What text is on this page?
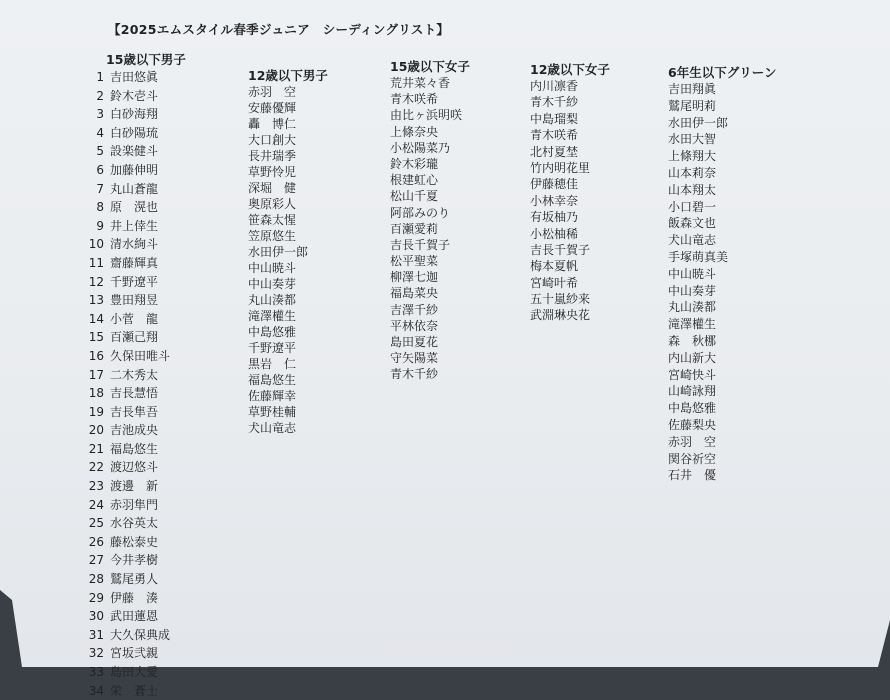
【2025エムスタイル春季ジュニア　シーディングリスト】
15歳以下男子
1 吉田悠眞
2 鈴木壱斗
3 白砂海翔
4 白砂陽琉
5 設楽健斗
6 加藤伸明
7 丸山蒼龍
8 原　滉也
9 井上倖生
10 清水絢斗
11 齋藤輝真
12 千野遼平
13 豊田翔昱
14 小菅　龍
15 百瀬己翔
16 久保田唯斗
17 二木秀太
18 吉長慧悟
19 吉長隼吾
20 吉池成央
21 福島悠生
22 渡辺悠斗
23 渡邊　新
24 赤羽隼門
25 水谷英太
26 藤松泰史
27 今井孝樹
28 鷲尾勇人
29 伊藤　湊
30 武田蓮恩
31 大久保典成
32 宮坂弐親
33 島田大愛
34 栄　蒼士
12歳以下男子
赤羽　空
安藤優輝
轟　博仁
大口創大
長井瑞季
草野怜児
深堀　健
奥原彩人
笹森太惺
笠原悠生
水田伊一郎
中山暁斗
中山奏芽
丸山湊都
滝澤權生
中島悠雅
千野遼平
黒岩　仁
福島悠生
佐藤輝幸
草野桂輔
犬山竜志
15歳以下女子
荒井菜々香
青木咲希
由比ヶ浜明咲
上條奈央
小松陽菜乃
鈴木彩瓏
根建虹心
松山千夏
阿部みのり
百瀬愛莉
吉長千賀子
松平聖菜
柳澤七迦
福島菜央
吉澤千紗
平林依奈
島田夏花
守矢陽菜
青木千紗
12歳以下女子
内川凛香
青木千紗
中島瑠梨
青木咲希
北村夏埜
竹内明花里
伊藤穂佳
小林幸奈
有坂柚乃
小松柚稀
吉長千賀子
梅本夏帆
宮崎叶希
五十嵐紗来
武淵琳央花
6年生以下グリーン
吉田翔眞
鷲尾明莉
水田伊一郎
水田大智
上條翔大
山本莉奈
山本翔太
小口碧一
飯森文也
犬山竜志
手塚萌真美
中山暁斗
中山奏芽
丸山湊都
滝澤權生
森　秋梛
内山新大
宮崎快斗
山崎詠翔
中島悠雅
佐藤梨央
赤羽　空
関谷祈空
石井　優
